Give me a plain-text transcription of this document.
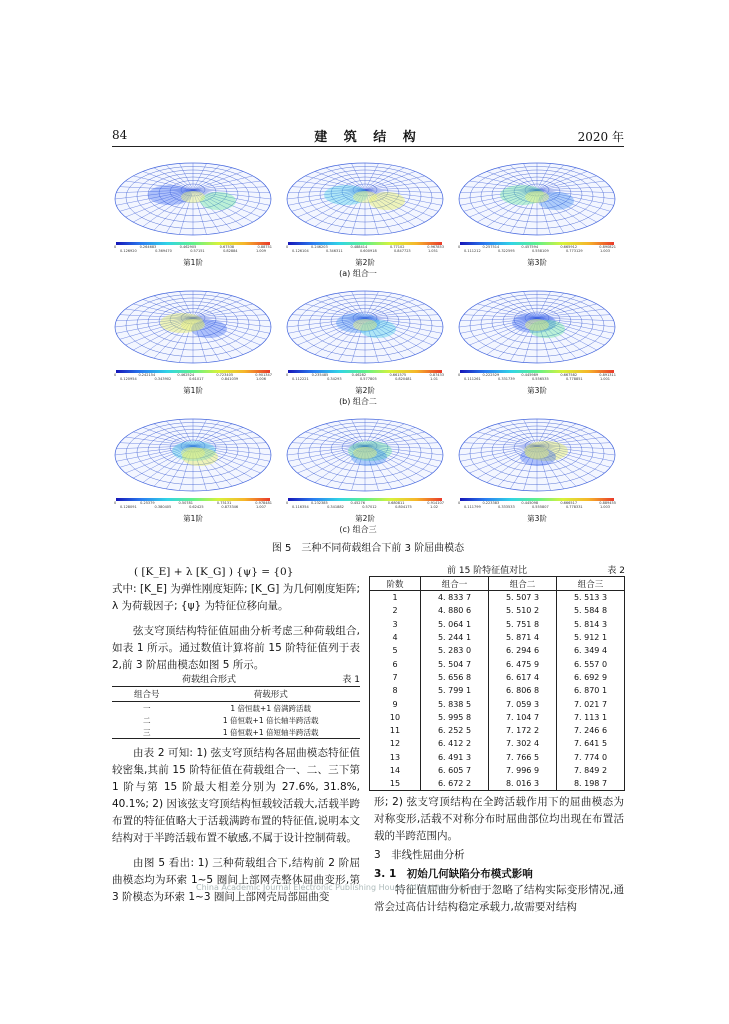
84	建 筑 结 构	2020 年
0	0.264683	0.462905	0.67538	0.88751
0.126920	0.369470	0.57151	0.82884	1.009
第1阶
0	0.246203	0.488414	0.77102	0.967853
0.126104	0.346311	0.600918	0.847723	1.051
第2阶
0	0.257514	0.457594	0.665912	0.890821
0.111212	0.322595	0.558109	0.773129	1.003
第3阶
(a) 组合一
0	0.242154	0.462524	0.723405	0.901347
0.120954	0.343902	0.61017	0.841039	1.006
第1阶
0	0.235485	0.46282	0.661575	0.87433
0.112221	0.34293	0.577805	0.820481	1.01
第2阶
0	0.222529	0.445989	0.667582	0.891311
0.111261	0.331739	0.556535	0.778851	1.001
第3阶
(b) 组合二
0	0.25379	0.50781	0.75131	0.978481
0.128091	0.380405	0.62425	0.873346	1.007
第1阶
0	0.232385	0.45276	0.680811	0.914107
0.116354	0.341882	0.57012	0.804175	1.02
第2阶
0	0.223383	0.445098	0.666517	0.889455
0.111799	0.333533	0.555807	0.778331	1.003
第3阶
(c) 组合三
图 5　三种不同荷载组合下前 3 阶屈曲模态
( [K_E] + λ [K_G] ) {ψ} = {0}

式中: [K_E] 为弹性刚度矩阵; [K_G] 为几何刚度矩阵; λ 为荷载因子; {ψ} 为特征位移向量。

弦支穹顶结构特征值屈曲分析考虑三种荷载组合,如表 1 所示。通过数值计算将前 15 阶特征值列于表 2,前 3 阶屈曲模态如图 5 所示。

荷载组合形式	表 1
组合号	荷载形式
一	1 倍恒载+1 倍满跨活载
二	1 倍恒载+1 倍长轴半跨活载
三	1 倍恒载+1 倍短轴半跨活载

由表 2 可知: 1) 弦支穹顶结构各屈曲模态特征值较密集,其前 15 阶特征值在荷载组合一、二、三下第 1 阶与第 15 阶最大相差分别为 27.6%, 31.8%, 40.1%; 2) 因该弦支穹顶结构恒载较活载大,活载半跨布置的特征值略大于活载满跨布置的特征值,说明本文结构对于半跨活载布置不敏感,不属于设计控制荷载。

由图 5 看出: 1) 三种荷载组合下,结构前 2 阶屈曲模态均为环索 1~5 圈间上部网壳整体屈曲变形,第 3 阶模态为环索 1~3 圈间上部网壳局部屈曲变

前 15 阶特征值对比	表 2
阶数	组合一	组合二	组合三
1	4. 833 7	5. 507 3	5. 513 3
2	4. 880 6	5. 510 2	5. 584 8
3	5. 064 1	5. 751 8	5. 814 3
4	5. 244 1	5. 871 4	5. 912 1
5	5. 283 0	6. 294 6	6. 349 4
6	5. 504 7	6. 475 9	6. 557 0
7	5. 656 8	6. 617 4	6. 692 9
8	5. 799 1	6. 806 8	6. 870 1
9	5. 838 5	7. 059 3	7. 021 7
10	5. 995 8	7. 104 7	7. 113 1
11	6. 252 5	7. 172 2	7. 246 6
12	6. 412 2	7. 302 4	7. 641 5
13	6. 491 3	7. 766 5	7. 774 0
14	6. 605 7	7. 996 9	7. 849 2
15	6. 672 2	8. 016 3	8. 198 7

形; 2) 弦支穹顶结构在全跨活载作用下的屈曲模态为对称变形,活载不对称分布时屈曲部位均出现在布置活载的半跨范围内。

3　非线性屈曲分析
3. 1　初始几何缺陷分布模式影响

特征值屈曲分析由于忽略了结构实际变形情况,通常会过高估计结构稳定承载力,故需要对结构

China Academic Journal Electronic Publishing House. All rights reserved.
